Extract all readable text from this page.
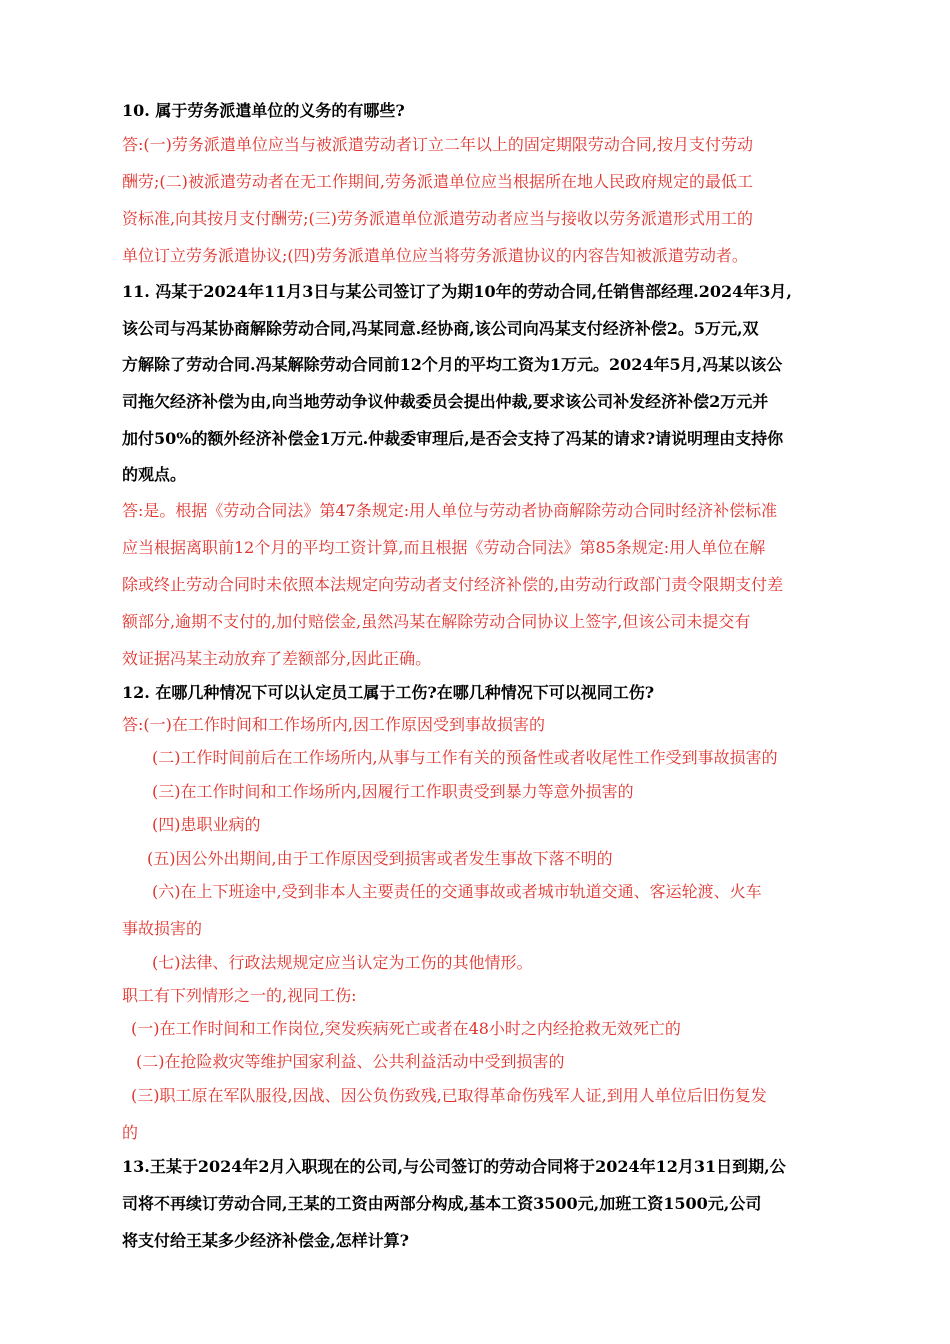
10. 属于劳务派遣单位的义务的有哪些?

答:(一)劳务派遣单位应当与被派遣劳动者订立二年以上的固定期限劳动合同,按月支付劳动

酬劳;(二)被派遣劳动者在无工作期间,劳务派遣单位应当根据所在地人民政府规定的最低工

资标准,向其按月支付酬劳;(三)劳务派遣单位派遣劳动者应当与接收以劳务派遣形式用工的

单位订立劳务派遣协议;(四)劳务派遣单位应当将劳务派遣协议的内容告知被派遣劳动者。

11. 冯某于2024年11月3日与某公司签订了为期10年的劳动合同,任销售部经理.2024年3月,

该公司与冯某协商解除劳动合同,冯某同意.经协商,该公司向冯某支付经济补偿2。5万元,双

方解除了劳动合同.冯某解除劳动合同前12个月的平均工资为1万元。2024年5月,冯某以该公

司拖欠经济补偿为由,向当地劳动争议仲裁委员会提出仲裁,要求该公司补发经济补偿2万元并

加付50%的额外经济补偿金1万元.仲裁委审理后,是否会支持了冯某的请求?请说明理由支持你

的观点。

答:是。根据《劳动合同法》第47条规定:用人单位与劳动者协商解除劳动合同时经济补偿标准

应当根据离职前12个月的平均工资计算,而且根据《劳动合同法》第85条规定:用人单位在解

除或终止劳动合同时未依照本法规定向劳动者支付经济补偿的,由劳动行政部门责令限期支付差

额部分,逾期不支付的,加付赔偿金,虽然冯某在解除劳动合同协议上签字,但该公司未提交有

效证据冯某主动放弃了差额部分,因此正确。

12. 在哪几种情况下可以认定员工属于工伤?在哪几种情况下可以视同工伤?

答:(一)在工作时间和工作场所内,因工作原因受到事故损害的

(二)工作时间前后在工作场所内,从事与工作有关的预备性或者收尾性工作受到事故损害的

(三)在工作时间和工作场所内,因履行工作职责受到暴力等意外损害的

(四)患职业病的

(五)因公外出期间,由于工作原因受到损害或者发生事故下落不明的

(六)在上下班途中,受到非本人主要责任的交通事故或者城市轨道交通、客运轮渡、火车

事故损害的

(七)法律、行政法规规定应当认定为工伤的其他情形。

职工有下列情形之一的,视同工伤:

(一)在工作时间和工作岗位,突发疾病死亡或者在48小时之内经抢救无效死亡的

(二)在抢险救灾等维护国家利益、公共利益活动中受到损害的

(三)职工原在军队服役,因战、因公负伤致残,已取得革命伤残军人证,到用人单位后旧伤复发

的

13.王某于2024年2月入职现在的公司,与公司签订的劳动合同将于2024年12月31日到期,公

司将不再续订劳动合同,王某的工资由两部分构成,基本工资3500元,加班工资1500元,公司

将支付给王某多少经济补偿金,怎样计算?
